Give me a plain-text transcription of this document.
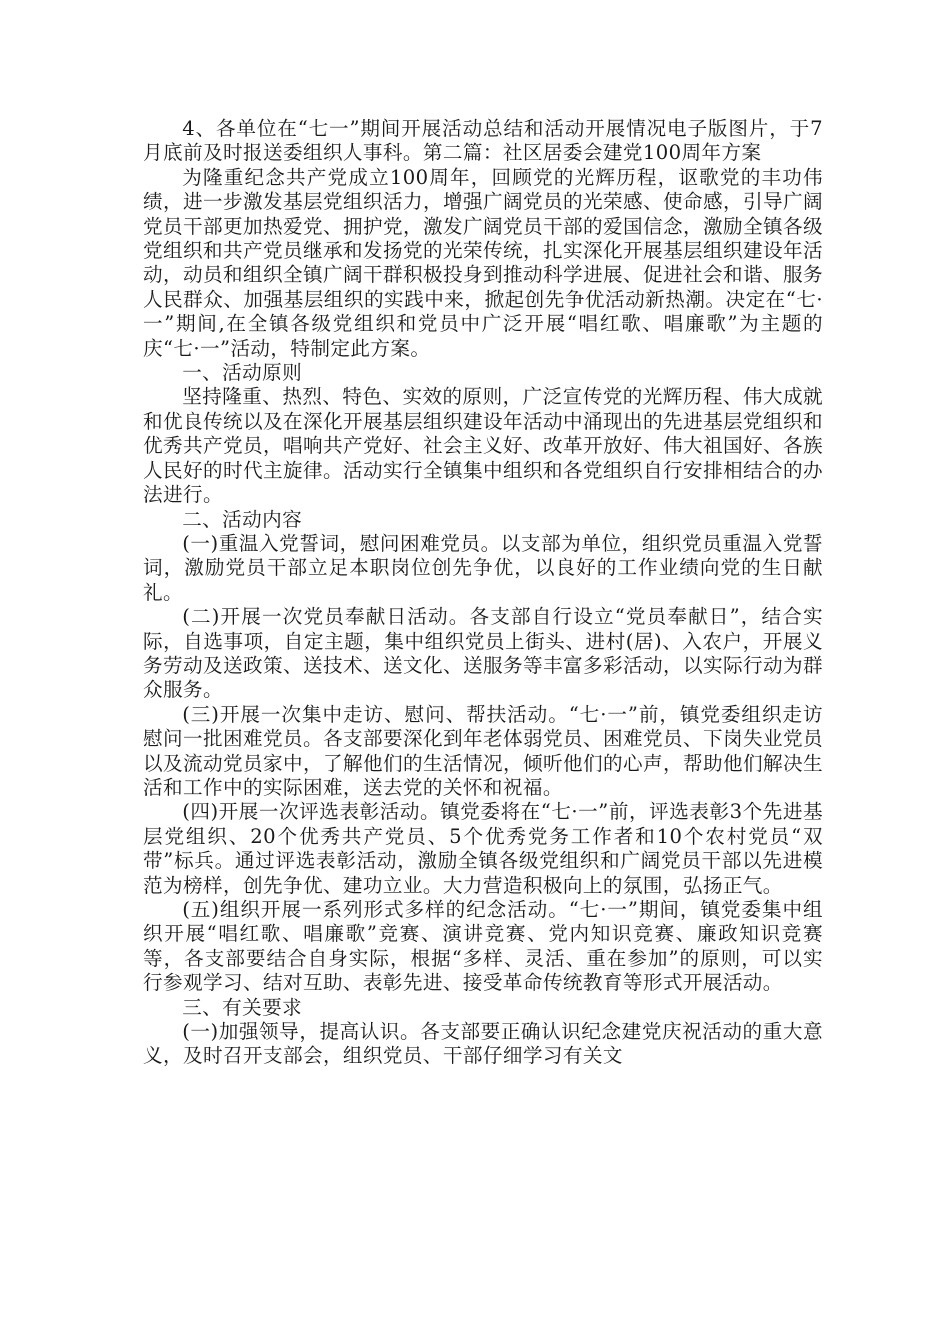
4、各单位在“七一”期间开展活动总结和活动开展情况电子版图片，于7月底前及时报送委组织人事科。第二篇：社区居委会建党100周年方案

为隆重纪念共产党成立100周年，回顾党的光辉历程，讴歌党的丰功伟绩，进一步激发基层党组织活力，增强广阔党员的光荣感、使命感，引导广阔党员干部更加热爱党、拥护党，激发广阔党员干部的爱国信念，激励全镇各级党组织和共产党员继承和发扬党的光荣传统，扎实深化开展基层组织建设年活动，动员和组织全镇广阔干群积极投身到推动科学进展、促进社会和谐、服务人民群众、加强基层组织的实践中来，掀起创先争优活动新热潮。决定在“七·一”期间,在全镇各级党组织和党员中广泛开展“唱红歌、唱廉歌”为主题的庆“七·一”活动，特制定此方案。

一、活动原则

坚持隆重、热烈、特色、实效的原则，广泛宣传党的光辉历程、伟大成就和优良传统以及在深化开展基层组织建设年活动中涌现出的先进基层党组织和优秀共产党员，唱响共产党好、社会主义好、改革开放好、伟大祖国好、各族人民好的时代主旋律。活动实行全镇集中组织和各党组织自行安排相结合的办法进行。

二、活动内容

(一)重温入党誓词，慰问困难党员。以支部为单位，组织党员重温入党誓词，激励党员干部立足本职岗位创先争优，以良好的工作业绩向党的生日献礼。

(二)开展一次党员奉献日活动。各支部自行设立“党员奉献日”，结合实际，自选事项，自定主题，集中组织党员上街头、进村(居)、入农户，开展义务劳动及送政策、送技术、送文化、送服务等丰富多彩活动，以实际行动为群众服务。

(三)开展一次集中走访、慰问、帮扶活动。“七·一”前，镇党委组织走访慰问一批困难党员。各支部要深化到年老体弱党员、困难党员、下岗失业党员以及流动党员家中，了解他们的生活情况，倾听他们的心声，帮助他们解决生活和工作中的实际困难，送去党的关怀和祝福。

(四)开展一次评选表彰活动。镇党委将在“七·一”前，评选表彰3个先进基层党组织、20个优秀共产党员、5个优秀党务工作者和10个农村党员“双带”标兵。通过评选表彰活动，激励全镇各级党组织和广阔党员干部以先进模范为榜样，创先争优、建功立业。大力营造积极向上的氛围，弘扬正气。

(五)组织开展一系列形式多样的纪念活动。“七·一”期间，镇党委集中组织开展“唱红歌、唱廉歌”竞赛、演讲竞赛、党内知识竞赛、廉政知识竞赛等，各支部要结合自身实际，根据“多样、灵活、重在参加”的原则，可以实行参观学习、结对互助、表彰先进、接受革命传统教育等形式开展活动。

三、有关要求

(一)加强领导，提高认识。各支部要正确认识纪念建党庆祝活动的重大意义，及时召开支部会，组织党员、干部仔细学习有关文
